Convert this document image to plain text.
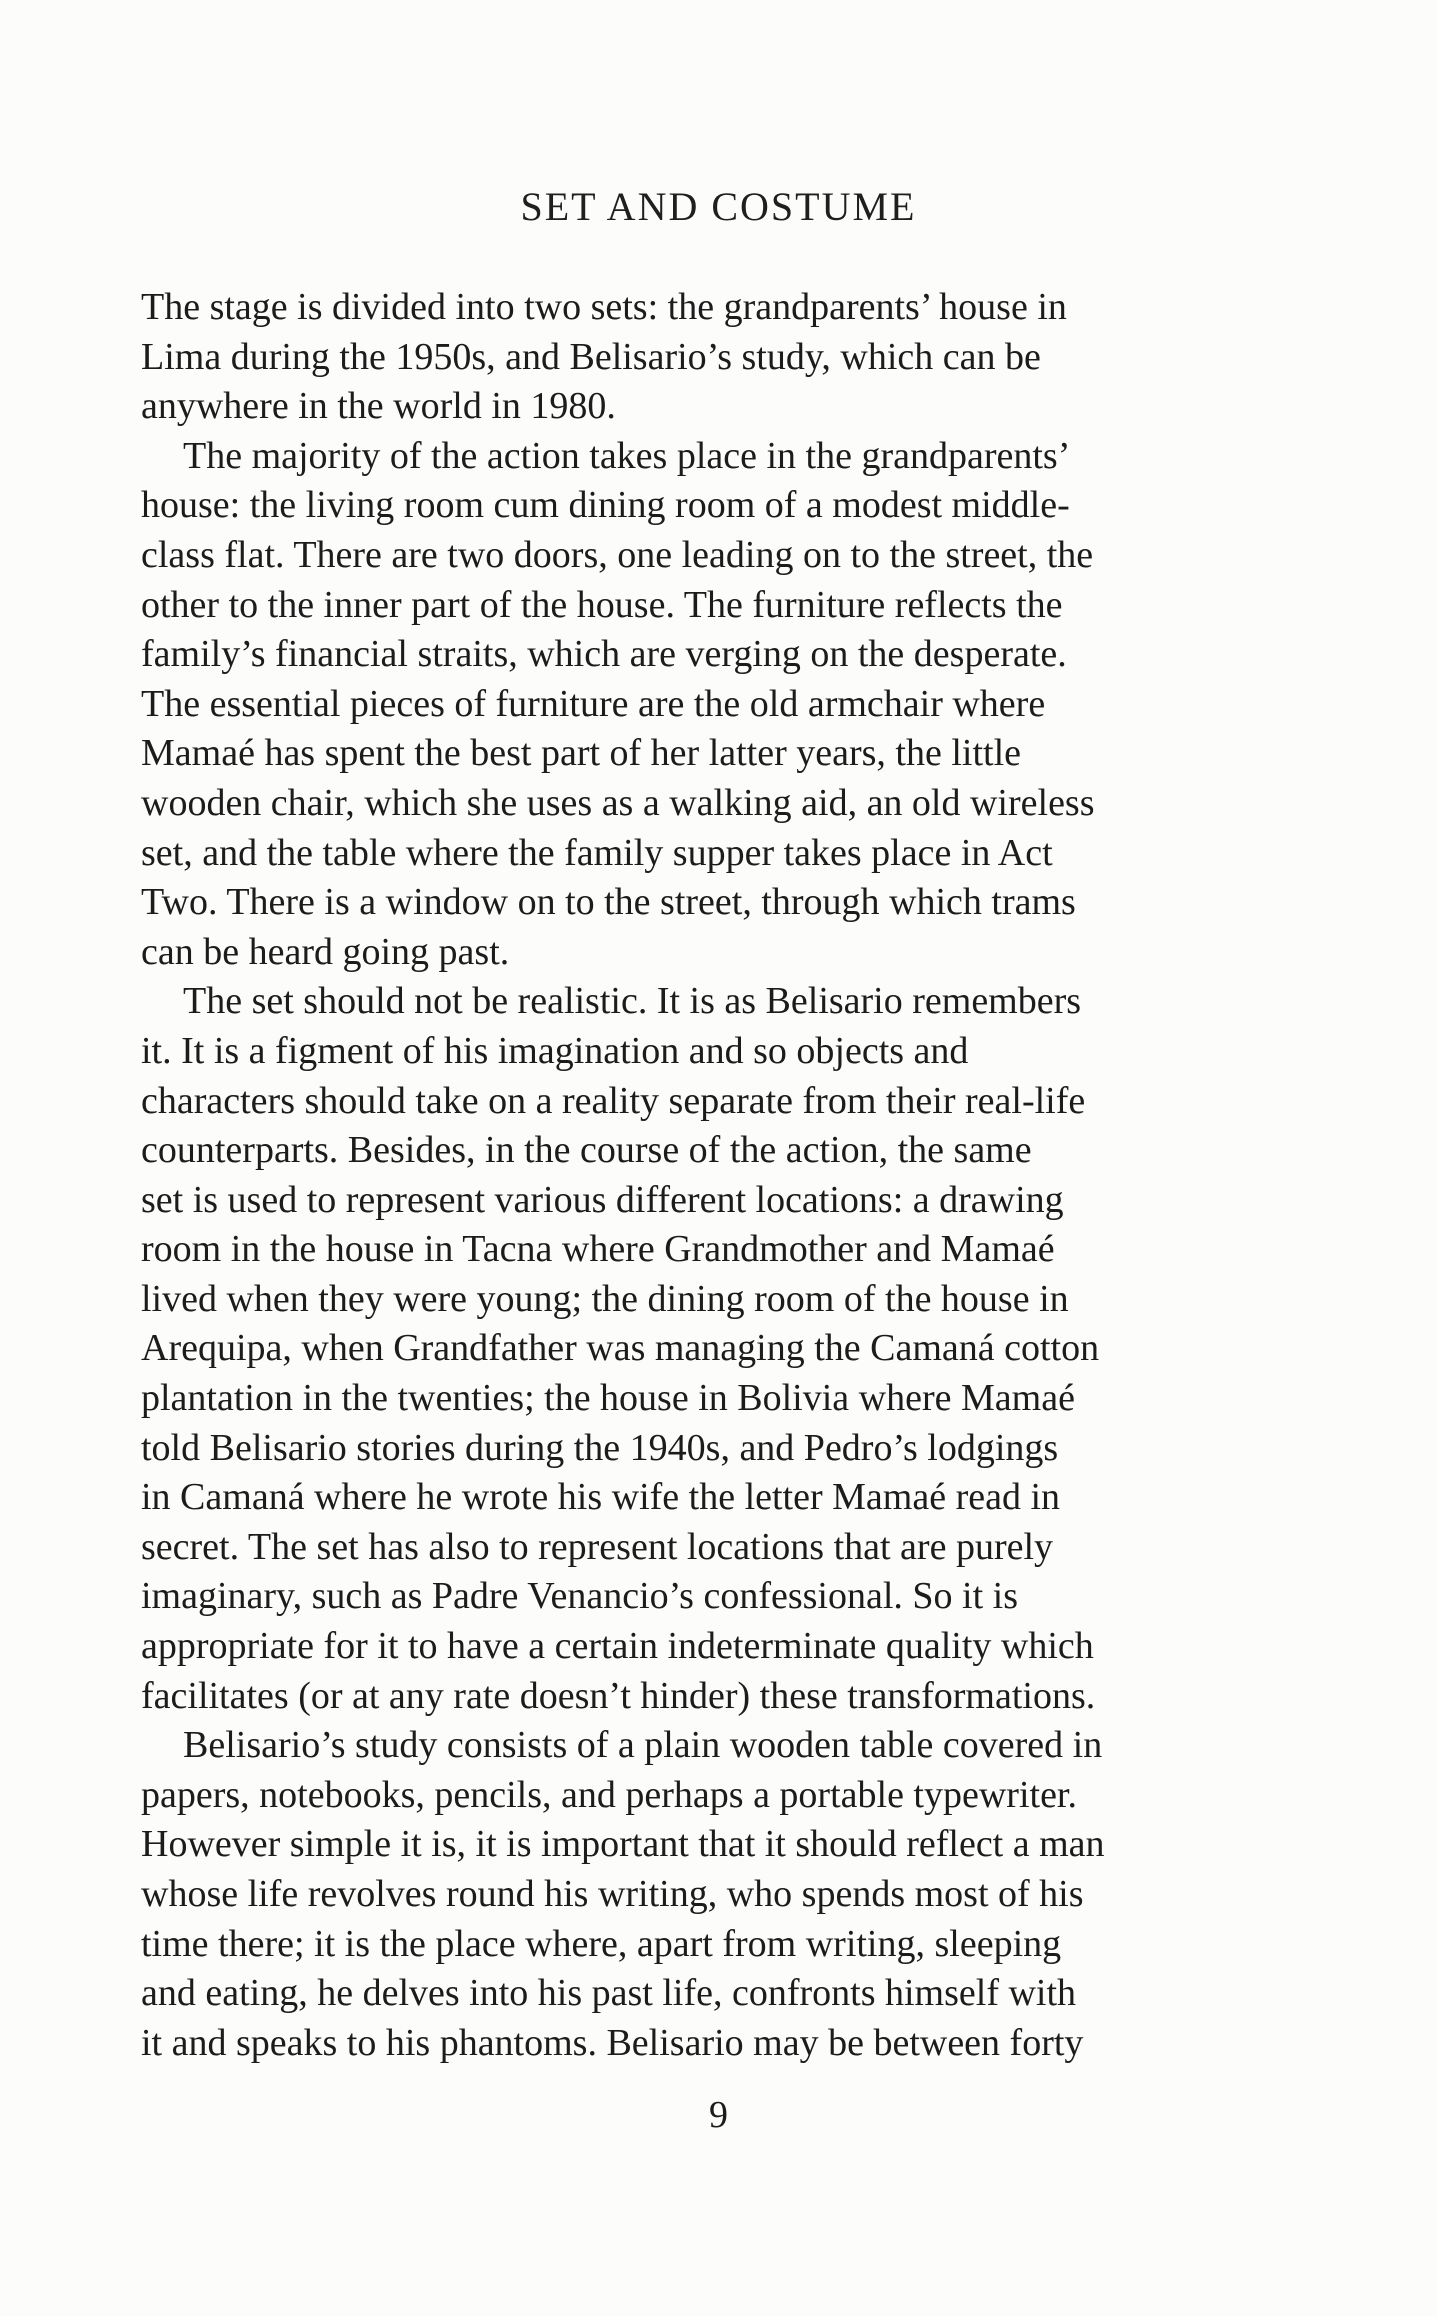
SET AND COSTUME

The stage is divided into two sets: the grandparents’ house in
Lima during the 1950s, and Belisario’s study, which can be
anywhere in the world in 1980.

The majority of the action takes place in the grandparents’
house: the living room cum dining room of a modest middle-
class flat. There are two doors, one leading on to the street, the
other to the inner part of the house. The furniture reflects the
family’s financial straits, which are verging on the desperate.
The essential pieces of furniture are the old armchair where
Mamaé has spent the best part of her latter years, the little
wooden chair, which she uses as a walking aid, an old wireless
set, and the table where the family supper takes place in Act
Two. There is a window on to the street, through which trams
can be heard going past.

The set should not be realistic. It is as Belisario remembers
it. It is a figment of his imagination and so objects and
characters should take on a reality separate from their real-life
counterparts. Besides, in the course of the action, the same
set is used to represent various different locations: a drawing
room in the house in Tacna where Grandmother and Mamaé
lived when they were young; the dining room of the house in
Arequipa, when Grandfather was managing the Camaná cotton
plantation in the twenties; the house in Bolivia where Mamaé
told Belisario stories during the 1940s, and Pedro’s lodgings
in Camaná where he wrote his wife the letter Mamaé read in
secret. The set has also to represent locations that are purely
imaginary, such as Padre Venancio’s confessional. So it is
appropriate for it to have a certain indeterminate quality which
facilitates (or at any rate doesn’t hinder) these transformations.

Belisario’s study consists of a plain wooden table covered in
papers, notebooks, pencils, and perhaps a portable typewriter.
However simple it is, it is important that it should reflect a man
whose life revolves round his writing, who spends most of his
time there; it is the place where, apart from writing, sleeping
and eating, he delves into his past life, confronts himself with
it and speaks to his phantoms. Belisario may be between forty

9
